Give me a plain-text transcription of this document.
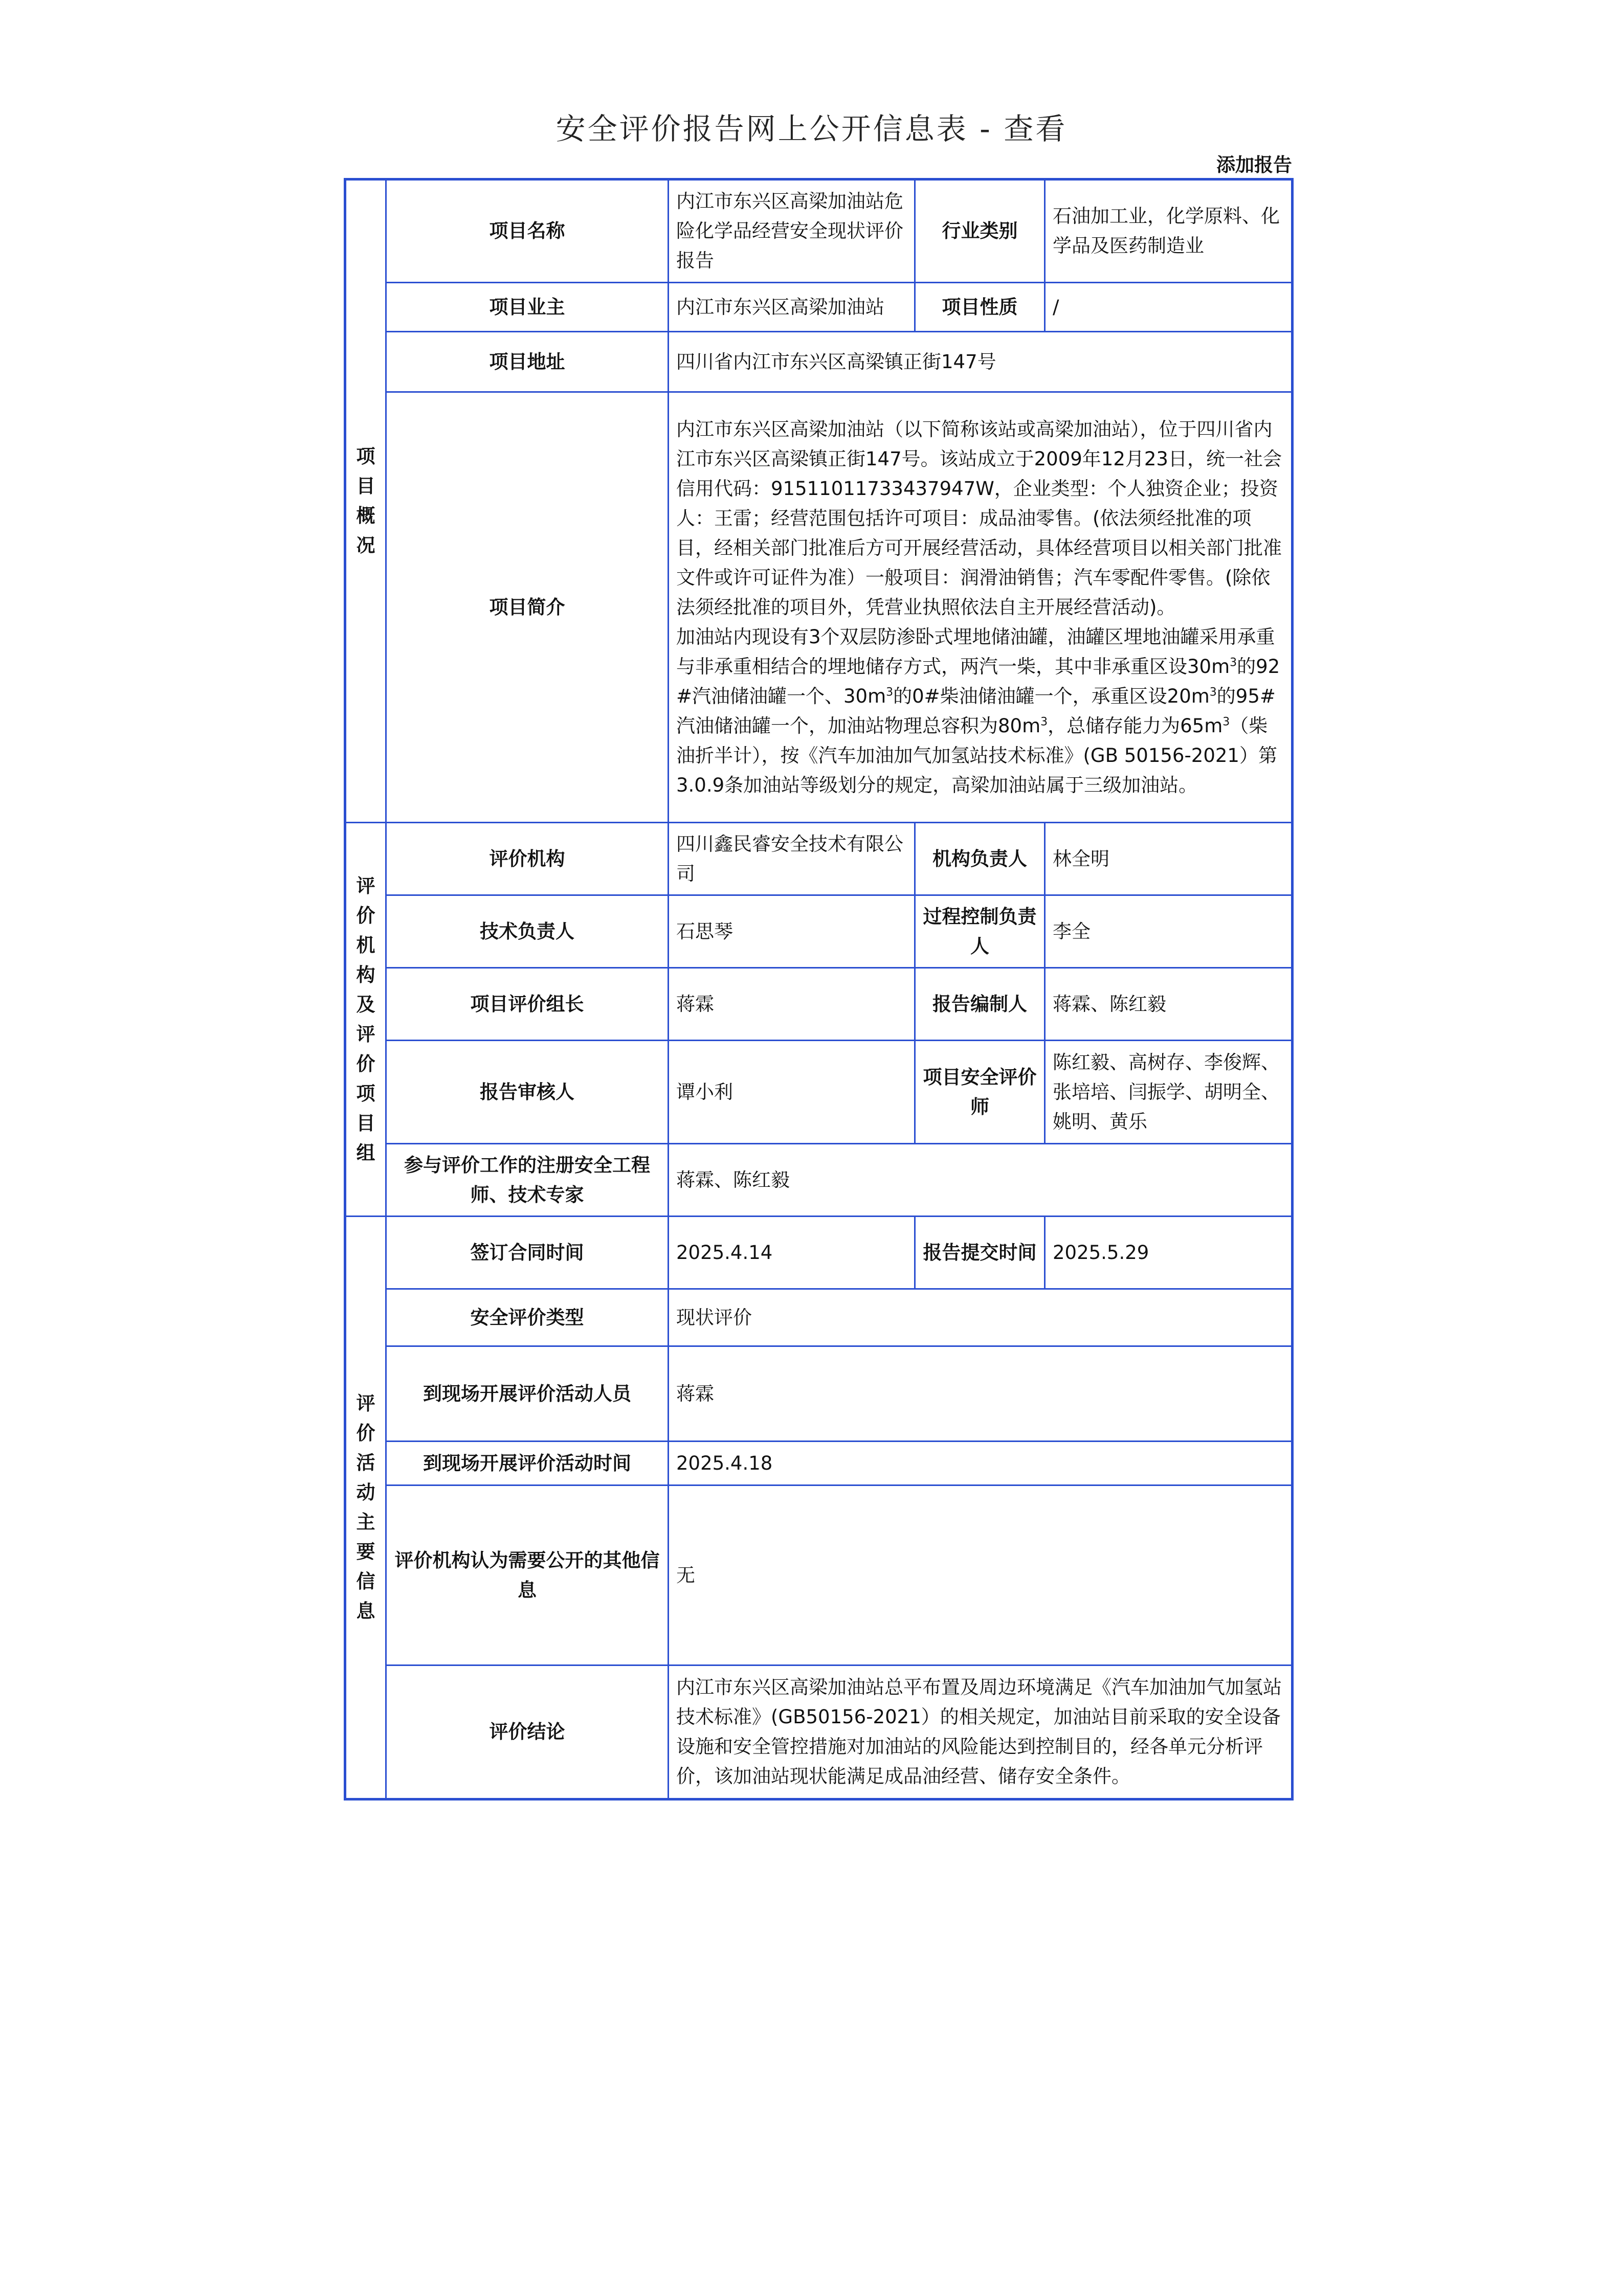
安全评价报告网上公开信息表 - 查看
添加报告
项目概况	项目名称	内江市东兴区高梁加油站危险化学品经营安全现状评价报告	行业类别	石油加工业，化学原料、化学品及医药制造业
	项目业主	内江市东兴区高梁加油站	项目性质	/
	项目地址	四川省内江市东兴区高梁镇正街147号		
	项目简介	内江市东兴区高梁加油站（以下简称该站或高梁加油站），位于四川省内江市东兴区高梁镇正街147号。该站成立于2009年12月23日，统一社会信用代码：91511011733437947W，企业类型：个人独资企业；投资人：王雷；经营范围包括许可项目：成品油零售。(依法须经批准的项目，经相关部门批准后方可开展经营活动，具体经营项目以相关部门批准文件或许可证件为准）一般项目：润滑油销售；汽车零配件零售。(除依法须经批准的项目外，凭营业执照依法自主开展经营活动)。
加油站内现设有3个双层防渗卧式埋地储油罐，油罐区埋地油罐采用承重与非承重相结合的埋地储存方式，两汽一柴，其中非承重区设$30m^3$的92#汽油储油罐一个、$30m^3$的0#柴油储油罐一个，承重区设$20m^3$的95#汽油储油罐一个，加油站物理总容积为$80m^3$，总储存能力为$65m^3$（柴油折半计），按《汽车加油加气加氢站技术标准》(GB 50156-2021）第3.0.9条加油站等级划分的规定，高梁加油站属于三级加油站。		

评价机构及评价项目组	评价机构	四川鑫民睿安全技术有限公司	机构负责人	林全明
	技术负责人	石思琴	过程控制负责人	李全
	项目评价组长	蒋霖	报告编制人	蒋霖、陈红毅
	报告审核人	谭小利	项目安全评价师	陈红毅、高树存、李俊辉、张培培、闫振学、胡明全、姚明、黄乐
	参与评价工作的注册安全工程师、技术专家	蒋霖、陈红毅		
评价活动主要信息	签订合同时间	2025.4.14	报告提交时间	2025.5.29
	安全评价类型	现状评价		
	到现场开展评价活动人员	蒋霖		
	到现场开展评价活动时间	2025.4.18		
	评价机构认为需要公开的其他信息	无		
	评价结论	内江市东兴区高梁加油站总平布置及周边环境满足《汽车加油加气加氢站技术标准》(GB50156-2021）的相关规定，加油站目前采取的安全设备设施和安全管控措施对加油站的风险能达到控制目的，经各单元分析评价，该加油站现状能满足成品油经营、储存安全条件。		
